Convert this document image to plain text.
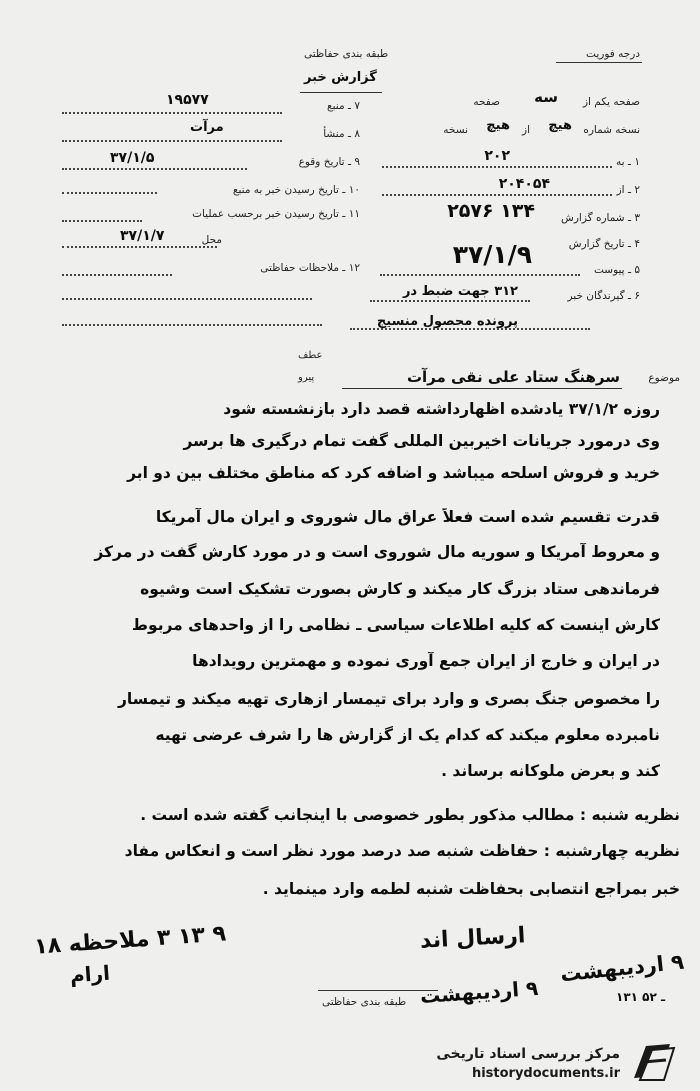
درجه فوریت
طبقه بندی حفاظتی
گزارش خبر
صفحه یکم از
سه
صفحه
نسخه شماره
هیچ
از
هیچ
نسخه
۱ ـ به
۲۰۲
۲ ـ از
۲۰۴۰۵۴
۳ ـ شماره گزارش
۱۳۴ ۲۵۷۶
۴ ـ تاریخ گزارش
۳۷/۱/۹
۵ ـ پیوست
۶ ـ گیرندگان خبر
۳۱۲ جهت ضبط در
پرونده محصول منسیج
۷ ـ منبع
۱۹۵۷۷
۸ ـ منشأ
مرآت
۹ ـ تاریخ وقوع
۳۷/۱/۵
۱۰ ـ تاریخ رسیدن خبر به منبع
۱۱ ـ تاریخ رسیدن خبر برحسب عملیات
محل
۳۷/۱/۷
۱۲ ـ ملاحظات حفاظتی
موضوع
عطف
پیرو	سرهنگ ستاد علی نقی مرآت
روزه ۳۷/۱/۲ یادشده اظهارداشته قصد دارد بازنشسته شود
وی درمورد جریانات اخیربین المللی گفت تمام درگیری ها برسر
خرید و فروش اسلحه میباشد و اضافه کرد که مناطق مختلف بین دو ابر
قدرت تقسیم شده است فعلاً عراق مال شوروی و ایران مال آمریکا
و معروط آمریکا و سوریه مال شوروی است و در مورد کارش گفت در مرکز
فرماندهی ستاد بزرگ کار میکند و کارش بصورت تشکیک است وشیوه
کارش اینست که کلیه اطلاعات سیاسی ـ نظامی را از واحدهای مربوط
در ایران و خارج از ایران جمع آوری نموده و مهمترین رویدادها
را مخصوص جنگ بصری و وارد برای تیمسار ازهاری تهیه میکند و تیمسار
نامبرده معلوم میکند که کدام یک از گزارش ها را شرف عرضی تهیه
کند و بعرض ملوکانه برساند .
نظریه شنبه : مطالب مذکور بطور خصوصی با اینجانب گفته شده است .
نظریه چهارشنبه : حفاظت شنبه صد درصد مورد نظر است و انعکاس مفاد
خبر بمراجع انتصابی بحفاظت شنبه لطمه وارد مینماید .
۹ ۱۳ ۳ ملاحظه ۱۸
ارام
ارسال اند
۹ اردیبهشت
۹ اردیبهشت
۱۳۱ ـ ۵۲
طبقه بندی حفاظتی
مرکز بررسی اسناد تاریخی
historydocuments.ir
